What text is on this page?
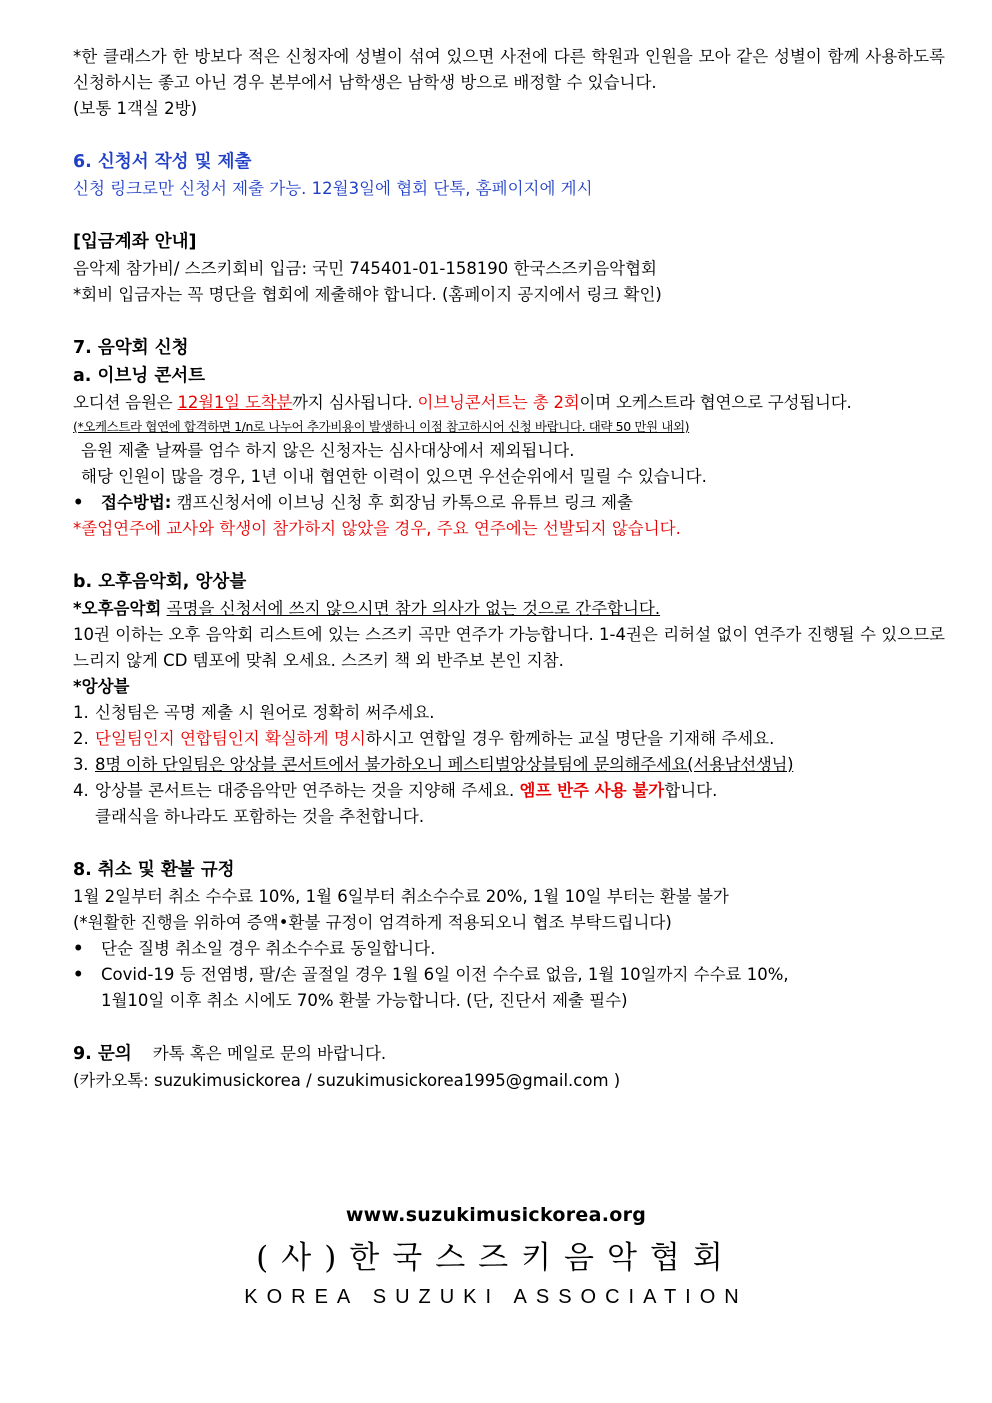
*한 클래스가 한 방보다 적은 신청자에 성별이 섞여 있으면 사전에 다른 학원과 인원을 모아 같은 성별이 함께 사용하도록 신청하시는 좋고 아닌 경우 본부에서 남학생은 남학생 방으로 배정할 수 있습니다.

(보통 1객실 2방)

6. 신청서 작성 및 제출

신청 링크로만 신청서 제출 가능. 12월3일에 협회 단톡, 홈페이지에 게시

[입금계좌 안내]

음악제 참가비/ 스즈키회비 입금: 국민 745401-01-158190 한국스즈키음악협회

*회비 입금자는 꼭 명단을 협회에 제출해야 합니다. (홈페이지 공지에서 링크 확인)

7. 음악회 신청

a. 이브닝 콘서트

오디션 음원은 12월1일 도착분까지 심사됩니다. 이브닝콘서트는 총 2회이며 오케스트라 협연으로 구성됩니다.

(*오케스트라 협연에 합격하면 1/n로 나누어 추가비용이 발생하니 이점 참고하시어 신청 바랍니다. 대략 50 만원 내외)

음원 제출 날짜를 엄수 하지 않은 신청자는 심사대상에서 제외됩니다.

해당 인원이 많을 경우, 1년 이내 협연한 이력이 있으면 우선순위에서 밀릴 수 있습니다.

• 접수방법: 캠프신청서에 이브닝 신청 후 회장님 카톡으로 유튜브 링크 제출

*졸업연주에 교사와 학생이 참가하지 않았을 경우, 주요 연주에는 선발되지 않습니다.

b. 오후음악회, 앙상블

*오후음악회 곡명을 신청서에 쓰지 않으시면 참가 의사가 없는 것으로 간주합니다.

10권 이하는 오후 음악회 리스트에 있는 스즈키 곡만 연주가 가능합니다. 1-4권은 리허설 없이 연주가 진행될 수 있으므로 느리지 않게 CD 템포에 맞춰 오세요. 스즈키 책 외 반주보 본인 지참.

*앙상블

1. 신청팀은 곡명 제출 시 원어로 정확히 써주세요.

2. 단일팀인지 연합팀인지 확실하게 명시하시고 연합일 경우 함께하는 교실 명단을 기재해 주세요.

3. 8명 이하 단일팀은 앙상블 콘서트에서 불가하오니 페스티벌앙상블팀에 문의해주세요(서용남선생님)

4. 앙상블 콘서트는 대중음악만 연주하는 것을 지양해 주세요. 엠프 반주 사용 불가합니다.

클래식을 하나라도 포함하는 것을 추천합니다.

8. 취소 및 환불 규정

1월 2일부터 취소 수수료 10%, 1월 6일부터 취소수수료 20%, 1월 10일 부터는 환불 불가

(*원활한 진행을 위하여 증액•환불 규정이 엄격하게 적용되오니 협조 부탁드립니다)

• 단순 질병 취소일 경우 취소수수료 동일합니다.
• Covid-19 등 전염병, 팔/손 골절일 경우 1월 6일 이전 수수료 없음, 1월 10일까지 수수료 10%,
1월10일 이후 취소 시에도 70% 환불 가능합니다. (단, 진단서 제출 필수)

9. 문의 카톡 혹은 메일로 문의 바랍니다.

(카카오톡: suzukimusickorea / suzukimusickorea1995@gmail.com )

www.suzukimusickorea.org
(사)한국스즈키음악협회
KOREA SUZUKI ASSOCIATION
